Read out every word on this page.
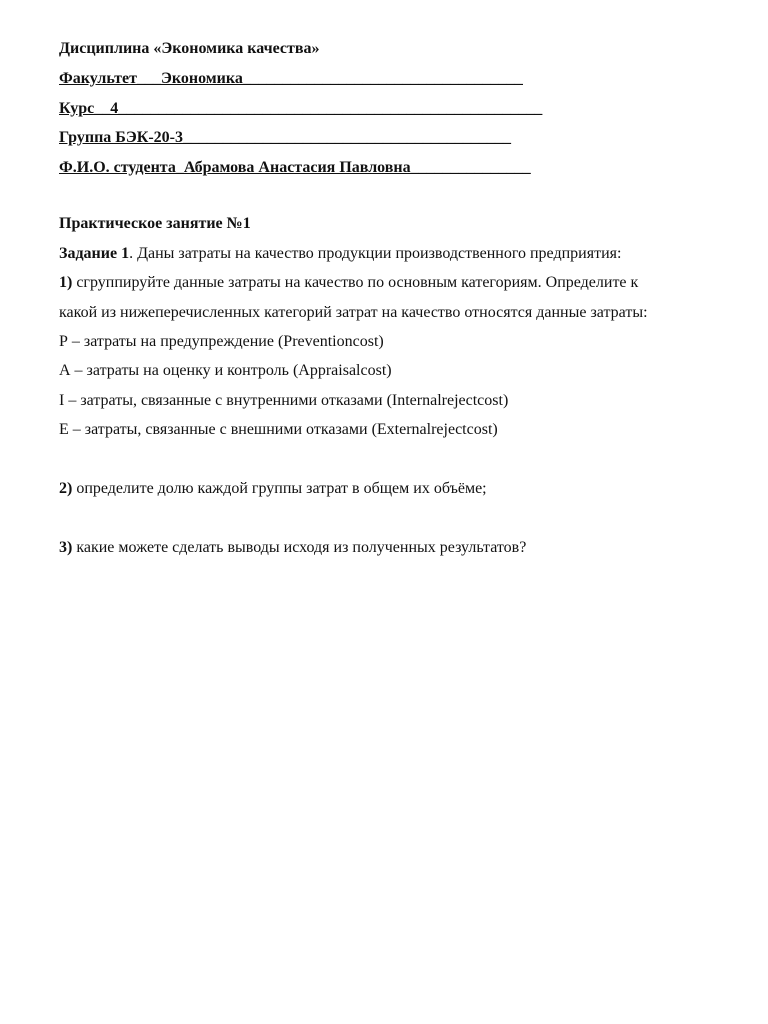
Дисциплина «Экономика качества»
Факультет___Экономика___________________________________
Курс__4_____________________________________________________
Группа БЭК-20-3_________________________________________
Ф.И.О. студента_Абрамова Анастасия Павловна_______________
Практическое занятие №1
Задание 1. Даны затраты на качество продукции производственного предприятия:
1) сгруппируйте данные затраты на качество по основным категориям. Определите к
какой из нижеперечисленных категорий затрат на качество относятся данные затраты:
Р – затраты на предупреждение (Preventioncost)
А – затраты на оценку и контроль (Appraisalcost)
I – затраты, связанные с внутренними отказами (Internalrejectcost)
Е – затраты, связанные с внешними отказами (Externalrejectcost)
2) определите долю каждой группы затрат в общем их объёме;
3) какие можете сделать выводы исходя из полученных результатов?
